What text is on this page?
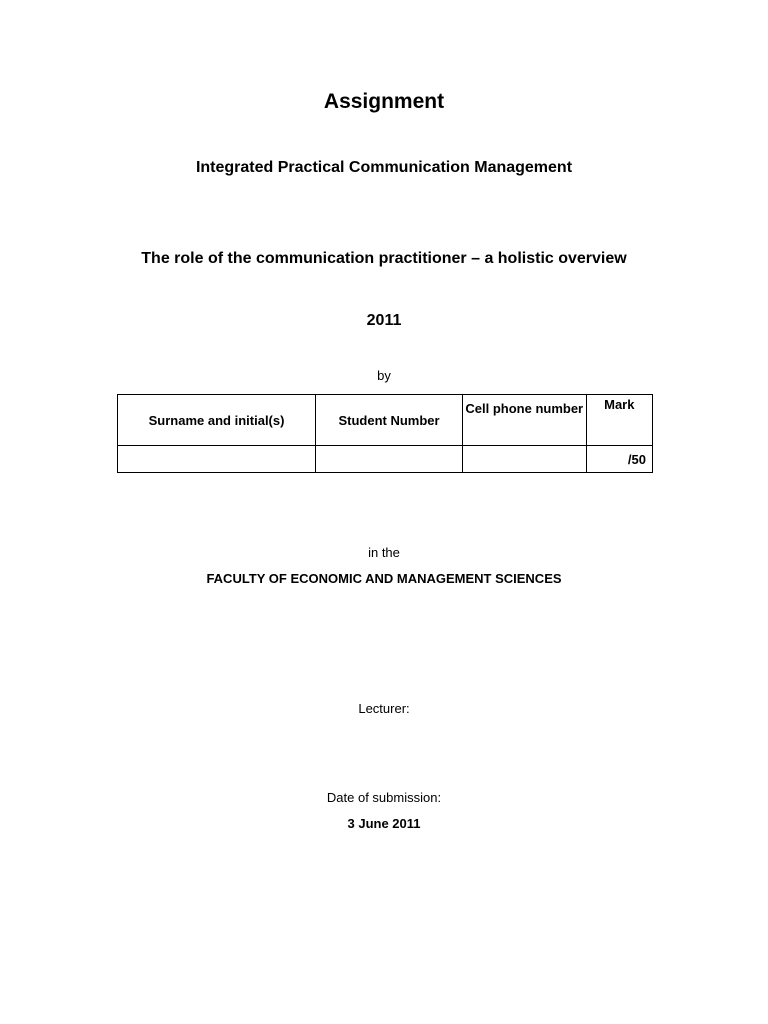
Assignment
Integrated Practical Communication Management
The role of the communication practitioner – a holistic overview
2011
by
Surname and initial(s)	Student Number	Cell phone number	Mark
			/50
in the
FACULTY OF ECONOMIC AND MANAGEMENT SCIENCES
Lecturer:
Date of submission:
3 June 2011
